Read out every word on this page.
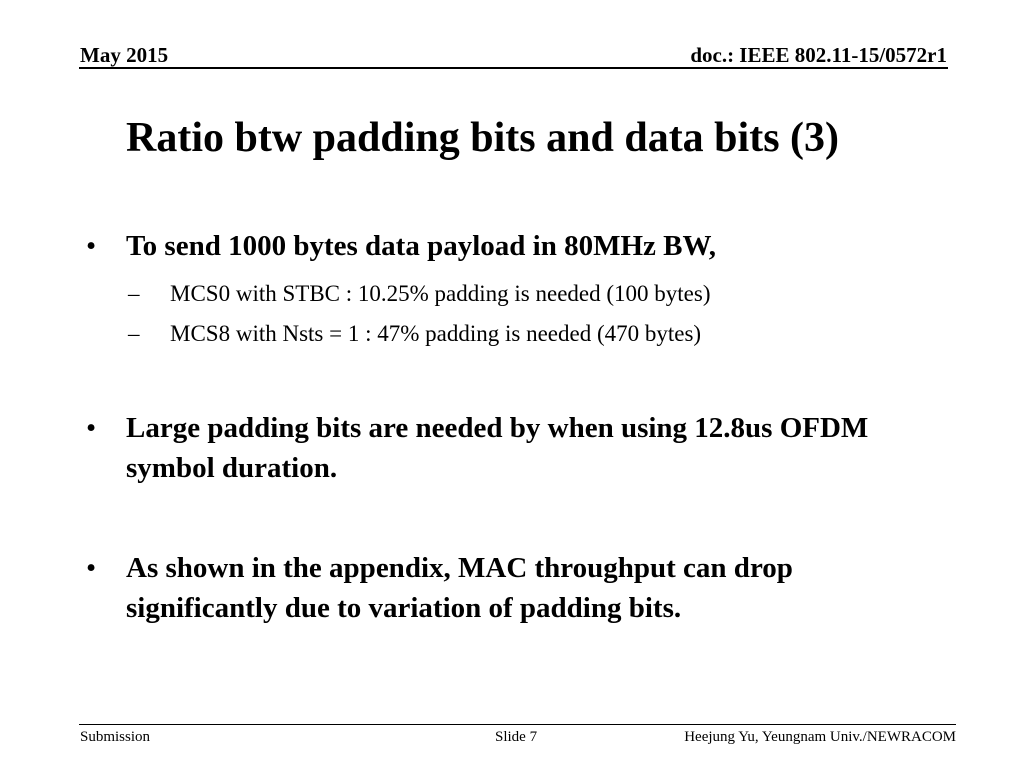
May 2015	doc.: IEEE 802.11-15/0572r1
Ratio btw padding bits and data bits (3)
• To send 1000 bytes data payload in 80MHz BW,
– MCS0 with STBC : 10.25% padding is needed (100 bytes)
– MCS8 with Nsts = 1 : 47% padding is needed (470 bytes)
• Large padding bits are needed by when using 12.8us OFDM symbol duration.
• As shown in the appendix, MAC throughput can drop significantly due to variation of padding bits.
Submission	Slide 7	Heejung Yu, Yeungnam Univ./NEWRACOM
